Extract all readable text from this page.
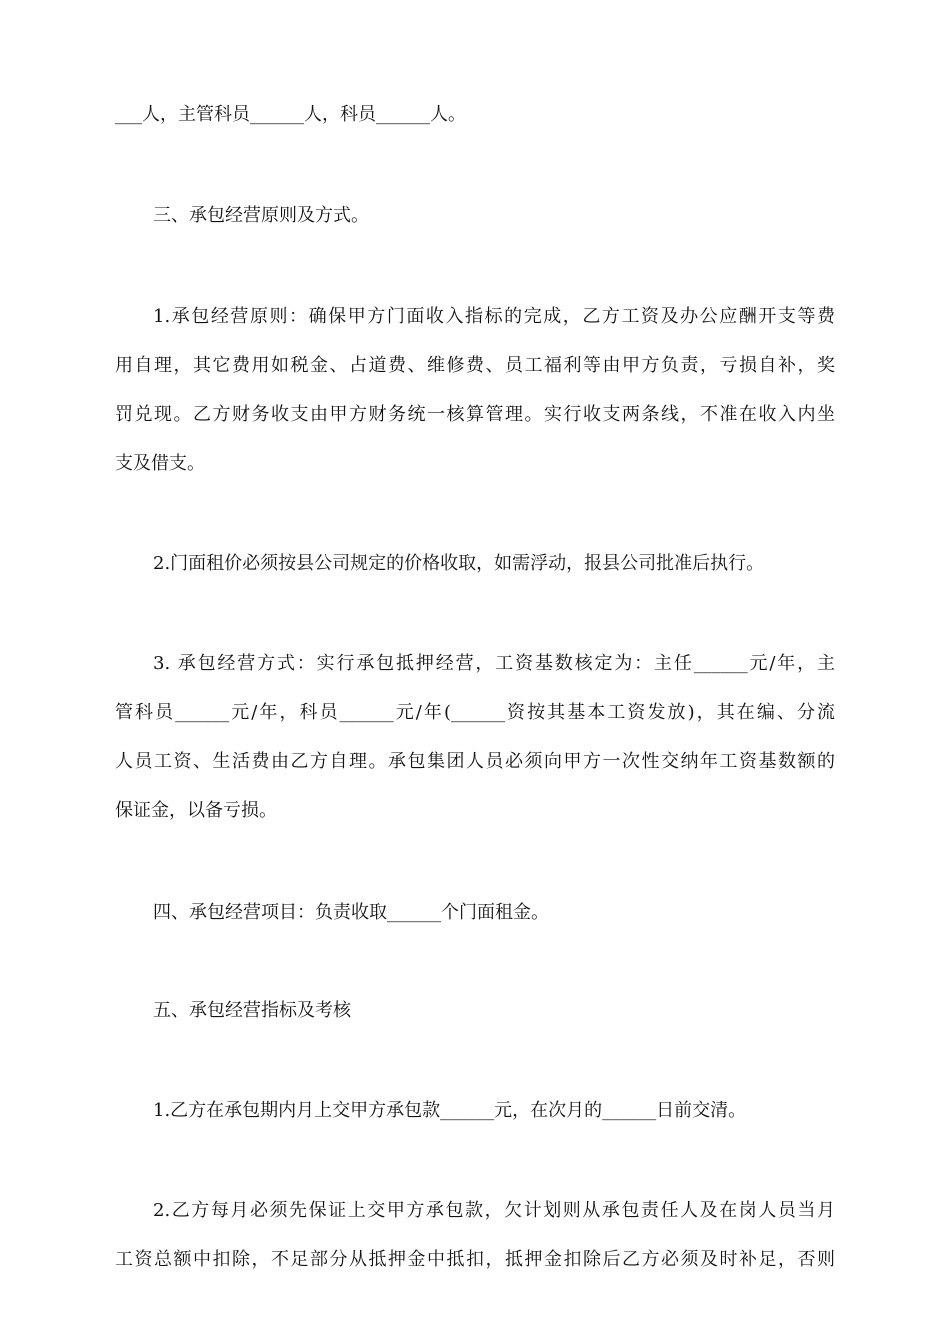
___人，主管科员______人，科员______人。
三、承包经营原则及方式。
1.承包经营原则：确保甲方门面收入指标的完成，乙方工资及办公应酬开支等费
用自理，其它费用如税金、占道费、维修费、员工福利等由甲方负责，亏损自补，奖
罚兑现。乙方财务收支由甲方财务统一核算管理。实行收支两条线，不准在收入内坐
支及借支。
2.门面租价必须按县公司规定的价格收取，如需浮动，报县公司批准后执行。
3. 承包经营方式：实行承包抵押经营，工资基数核定为：主任______元/年，主
管科员______元/年，科员______元/年(______资按其基本工资发放)，其在编、分流
人员工资、生活费由乙方自理。承包集团人员必须向甲方一次性交纳年工资基数额的
保证金，以备亏损。
四、承包经营项目：负责收取______个门面租金。
五、承包经营指标及考核
1.乙方在承包期内月上交甲方承包款______元，在次月的______日前交清。
2.乙方每月必须先保证上交甲方承包款，欠计划则从承包责任人及在岗人员当月
工资总额中扣除，不足部分从抵押金中抵扣，抵押金扣除后乙方必须及时补足，否则
